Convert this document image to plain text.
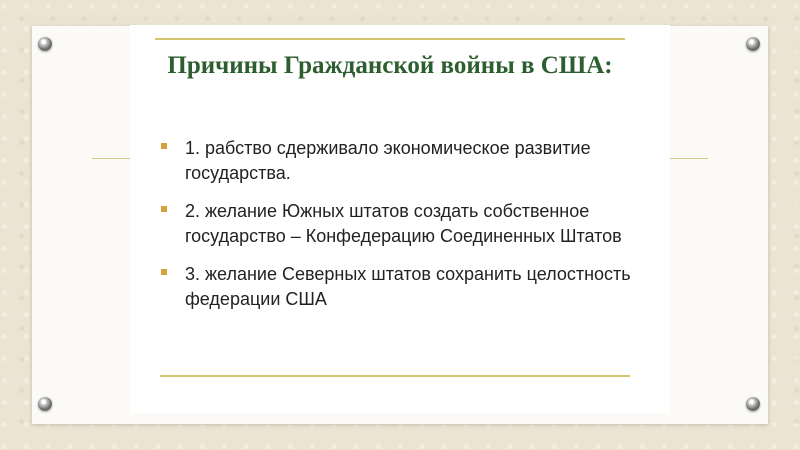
Причины Гражданской войны в США:
1. рабство сдерживало экономическое развитие государства.
2. желание Южных штатов создать собственное государство – Конфедерацию Соединенных Штатов
3. желание Северных штатов сохранить целостность федерации США
